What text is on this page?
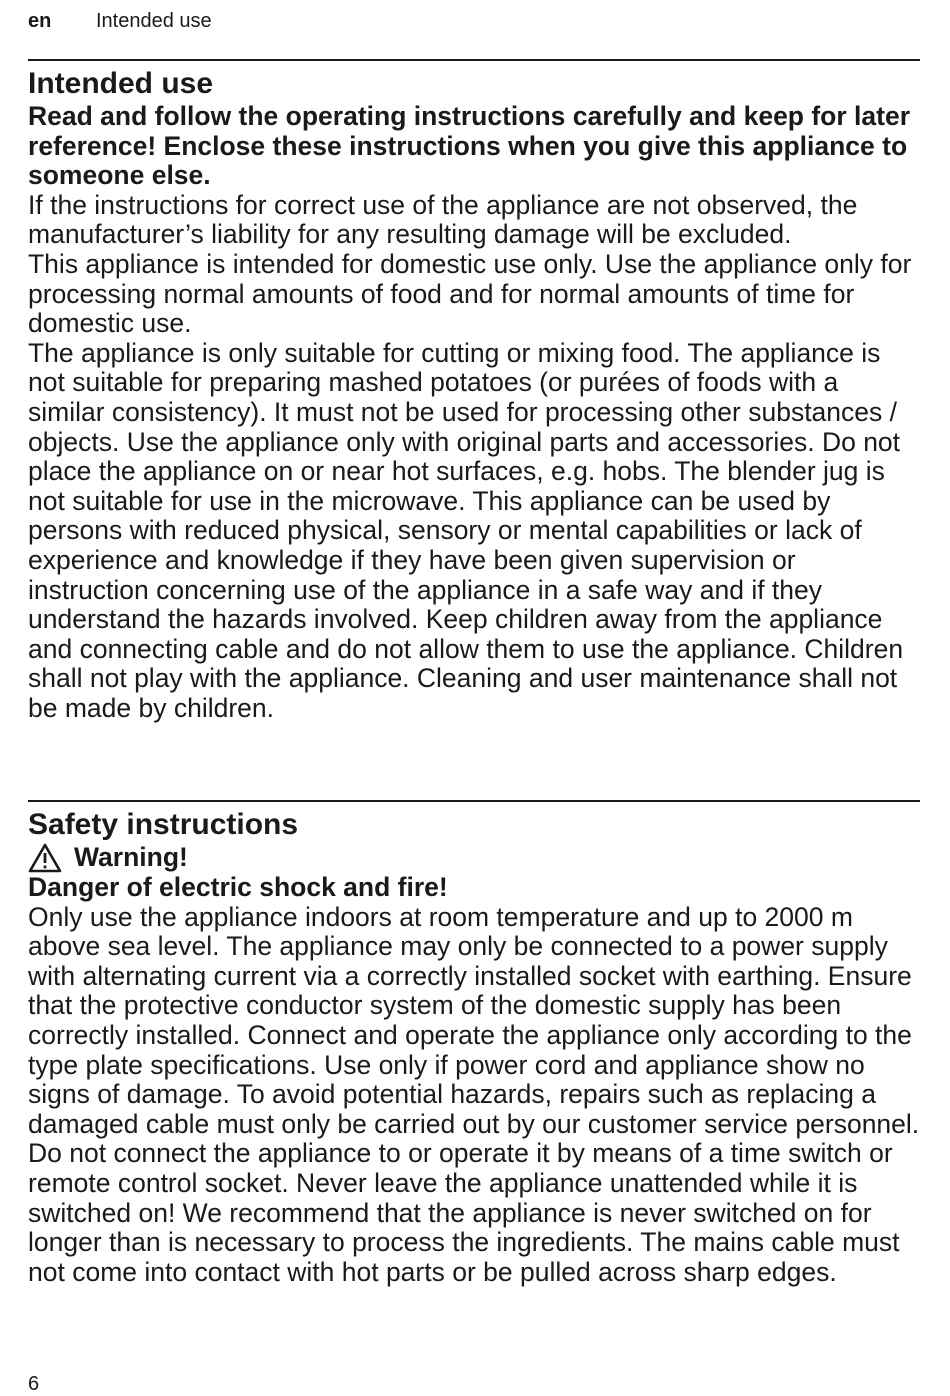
en Intended use
Intended use

Read and follow the operating instructions carefully and keep for later reference! Enclose these instructions when you give this appliance to someone else.

If the instructions for correct use of the appliance are not observed, the manufacturer’s liability for any resulting damage will be excluded.

This appliance is intended for domestic use only. Use the appliance only for processing normal amounts of food and for normal amounts of time for domestic use.

The appliance is only suitable for cutting or mixing food. The appliance is not suitable for preparing mashed potatoes (or purées of foods with a similar consistency). It must not be used for processing other substances / objects. Use the appliance only with original parts and accessories. Do not place the appliance on or near hot surfaces, e.g. hobs. The blender jug is not suitable for use in the microwave. This appliance can be used by persons with reduced physical, sensory or mental capabilities or lack of experience and knowledge if they have been given supervision or instruction concerning use of the appliance in a safe way and if they understand the hazards involved. Keep children away from the appliance and connecting cable and do not allow them to use the appliance. Children shall not play with the appliance. Cleaning and user maintenance shall not be made by children.

Safety instructions
Warning!

Danger of electric shock and fire!

Only use the appliance indoors at room temperature and up to 2000 m above sea level. The appliance may only be connected to a power supply with alternating current via a correctly installed socket with earthing. Ensure that the protective conductor system of the domestic supply has been correctly installed. Connect and operate the appliance only according to the type plate specifications. Use only if power cord and appliance show no signs of damage. To avoid potential hazards, repairs such as replacing a damaged cable must only be carried out by our customer service personnel. Do not connect the appliance to or operate it by means of a time switch or remote control socket. Never leave the appliance unattended while it is switched on! We recommend that the appliance is never switched on for longer than is necessary to process the ingredients. The mains cable must not come into contact with hot parts or be pulled across sharp edges.

6
